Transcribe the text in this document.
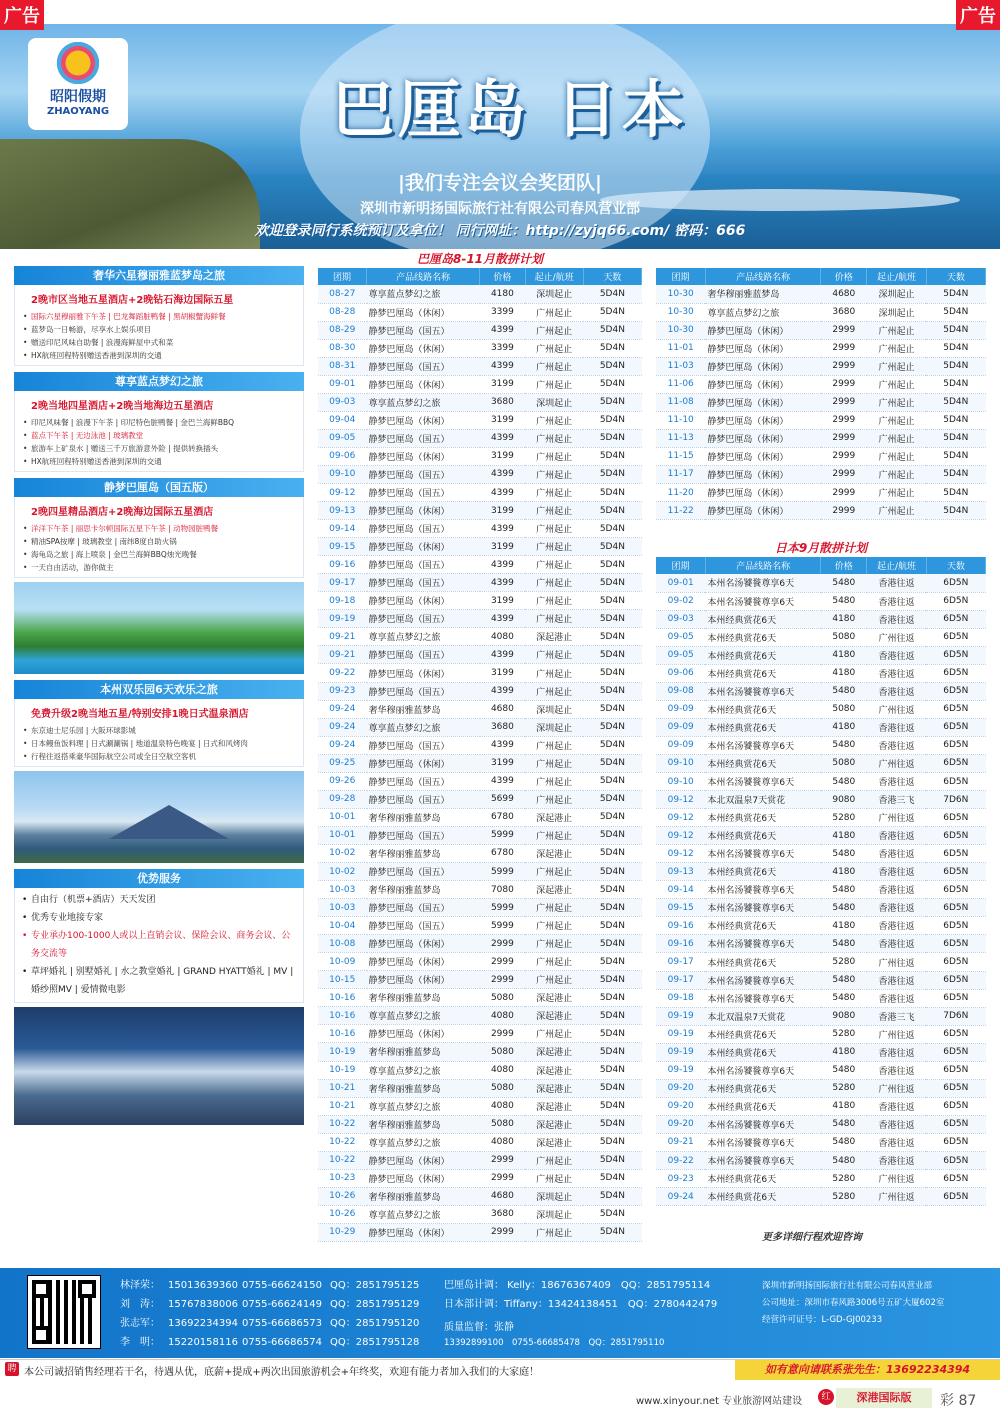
广告	广告
昭阳假期
ZHAOYANG	巴厘岛 日本
|我们专注会议会奖团队|
深圳市新明扬国际旅行社有限公司春风营业部
欢迎登录同行系统预订及拿位！ 同行网址：http://zyjq66.com/ 密码：666
奢华六星穆丽雅蓝梦岛之旅
2晚市区当地五星酒店+2晚钻石海边国际五星
• 国际六星穆丽雅下午茶 | 巴龙舞蹈脏鸭餐 | 黑胡椒蟹海鲜餐
• 蓝梦岛一日畅游，尽享水上娱乐项目
• 赠送印尼风味自助餐 | 浪漫海鲜屋中式和菜
• HX航班回程特别赠送香港到深圳的交通
尊享蓝点梦幻之旅
2晚当地四星酒店+2晚当地海边五星酒店
• 印尼风味餐 | 浪漫下午茶 | 印尼特色脏鸭餐 | 金巴兰海鲜BBQ
• 蓝点下午茶 | 无边泳池 | 玻璃教堂
• 旅游车上矿泉水 | 赠送三千万旅游意外险 | 提供转换插头
• HX航班回程特别赠送香港到深圳的交通
静梦巴厘岛（国五版）
2晚四星精品酒店+2晚海边国际五星酒店
• 洋洋下午茶 | 丽思卡尔顿国际五星下午茶 | 动物园脏鸭餐
• 精油SPA按摩 | 玻璃教堂 | 南纬8度自助火锅
• 海龟岛之旅 | 海上喷泉 | 金巴兰海鲜BBQ烛光晚餐
• 一天自由活动，游你做主
本州双乐园6天欢乐之旅
免费升级2晚当地五星/特别安排1晚日式温泉酒店
• 东京迪士尼乐园 | 大阪环球影城
• 日本鳗鱼饭料理 | 日式涮涮锅 | 地道温泉特色晚宴 | 日式和风烤肉
• 行程往返搭乘豪华国际航空公司或全日空航空客机
优势服务
• 自由行（机票+酒店）天天发团
• 优秀专业地接专家
• 专业承办100-1000人或以上直销会议、保险会议、商务会议、公务交流等
• 草坪婚礼 | 别墅婚礼 | 水之教堂婚礼 | GRAND HYATT婚礼 | MV | 婚纱照MV | 爱情微电影
巴厘岛8-11月散拼计划
日本9月散拼计划
团期	产品线路名称	价格	起止/航班	天数
08-27	尊享蓝点梦幻之旅	4180	深圳起止	5D4N
08-28	静梦巴厘岛（休闲）	3399	广州起止	5D4N
08-29	静梦巴厘岛（国五）	4399	广州起止	5D4N
08-30	静梦巴厘岛（休闲）	3399	广州起止	5D4N
08-31	静梦巴厘岛（国五）	4399	广州起止	5D4N
09-01	静梦巴厘岛（休闲）	3199	广州起止	5D4N
09-03	尊享蓝点梦幻之旅	3680	深圳起止	5D4N
09-04	静梦巴厘岛（休闲）	3199	广州起止	5D4N
09-05	静梦巴厘岛（国五）	4399	广州起止	5D4N
09-06	静梦巴厘岛（休闲）	3199	广州起止	5D4N
09-10	静梦巴厘岛（国五）	4399	广州起止	5D4N
09-12	静梦巴厘岛（国五）	4399	广州起止	5D4N
09-13	静梦巴厘岛（休闲）	3199	广州起止	5D4N
09-14	静梦巴厘岛（国五）	4399	广州起止	5D4N
09-15	静梦巴厘岛（休闲）	3199	广州起止	5D4N
09-16	静梦巴厘岛（国五）	4399	广州起止	5D4N
09-17	静梦巴厘岛（国五）	4399	广州起止	5D4N
09-18	静梦巴厘岛（休闲）	3199	广州起止	5D4N
09-19	静梦巴厘岛（国五）	4399	广州起止	5D4N
09-21	尊享蓝点梦幻之旅	4080	深起港止	5D4N
09-21	静梦巴厘岛（国五）	4399	广州起止	5D4N
09-22	静梦巴厘岛（休闲）	3199	广州起止	5D4N
09-23	静梦巴厘岛（国五）	4399	广州起止	5D4N
09-24	奢华穆丽雅蓝梦岛	4680	深圳起止	5D4N
09-24	尊享蓝点梦幻之旅	3680	深圳起止	5D4N
09-24	静梦巴厘岛（国五）	4399	广州起止	5D4N
09-25	静梦巴厘岛（休闲）	3199	广州起止	5D4N
09-26	静梦巴厘岛（国五）	4399	广州起止	5D4N
09-28	静梦巴厘岛（国五）	5699	广州起止	5D4N
10-01	奢华穆丽雅蓝梦岛	6780	深起港止	5D4N
10-01	静梦巴厘岛（国五）	5999	广州起止	5D4N
10-02	奢华穆丽雅蓝梦岛	6780	深起港止	5D4N
10-02	静梦巴厘岛（国五）	5999	广州起止	5D4N
10-03	奢华穆丽雅蓝梦岛	7080	深起港止	5D4N
10-03	静梦巴厘岛（国五）	5999	广州起止	5D4N
10-04	静梦巴厘岛（国五）	5999	广州起止	5D4N
10-08	静梦巴厘岛（休闲）	2999	广州起止	5D4N
10-09	静梦巴厘岛（休闲）	2999	广州起止	5D4N
10-15	静梦巴厘岛（休闲）	2999	广州起止	5D4N
10-16	奢华穆丽雅蓝梦岛	5080	深起港止	5D4N
10-16	尊享蓝点梦幻之旅	4080	深起港止	5D4N
10-16	静梦巴厘岛（休闲）	2999	广州起止	5D4N
10-19	奢华穆丽雅蓝梦岛	5080	深起港止	5D4N
10-19	尊享蓝点梦幻之旅	4080	深起港止	5D4N
10-21	奢华穆丽雅蓝梦岛	5080	深起港止	5D4N
10-21	尊享蓝点梦幻之旅	4080	深起港止	5D4N
10-22	奢华穆丽雅蓝梦岛	5080	深起港止	5D4N
10-22	尊享蓝点梦幻之旅	4080	深起港止	5D4N
10-22	静梦巴厘岛（休闲）	2999	广州起止	5D4N
10-23	静梦巴厘岛（休闲）	2999	广州起止	5D4N
10-26	奢华穆丽雅蓝梦岛	4680	深圳起止	5D4N
10-26	尊享蓝点梦幻之旅	3680	深圳起止	5D4N
10-29	静梦巴厘岛（休闲）	2999	广州起止	5D4N
团期	产品线路名称	价格	起止/航班	天数
10-30	奢华穆丽雅蓝梦岛	4680	深圳起止	5D4N
10-30	尊享蓝点梦幻之旅	3680	深圳起止	5D4N
10-30	静梦巴厘岛（休闲）	2999	广州起止	5D4N
11-01	静梦巴厘岛（休闲）	2999	广州起止	5D4N
11-03	静梦巴厘岛（休闲）	2999	广州起止	5D4N
11-06	静梦巴厘岛（休闲）	2999	广州起止	5D4N
11-08	静梦巴厘岛（休闲）	2999	广州起止	5D4N
11-10	静梦巴厘岛（休闲）	2999	广州起止	5D4N
11-13	静梦巴厘岛（休闲）	2999	广州起止	5D4N
11-15	静梦巴厘岛（休闲）	2999	广州起止	5D4N
11-17	静梦巴厘岛（休闲）	2999	广州起止	5D4N
11-20	静梦巴厘岛（休闲）	2999	广州起止	5D4N
11-22	静梦巴厘岛（休闲）	2999	广州起止	5D4N
团期	产品线路名称	价格	起止/航班	天数
09-01	本州名汤饕餮尊享6天	5480	香港往返	6D5N
09-02	本州名汤饕餮尊享6天	5480	香港往返	6D5N
09-03	本州经典赏花6天	4180	香港往返	6D5N
09-05	本州经典赏花6天	5080	广州往返	6D5N
09-05	本州经典赏花6天	4180	香港往返	6D5N
09-06	本州经典赏花6天	4180	香港往返	6D5N
09-08	本州名汤饕餮尊享6天	5480	香港往返	6D5N
09-09	本州经典赏花6天	5080	广州往返	6D5N
09-09	本州经典赏花6天	4180	香港往返	6D5N
09-09	本州名汤饕餮尊享6天	5480	香港往返	6D5N
09-10	本州经典赏花6天	5080	广州往返	6D5N
09-10	本州名汤饕餮尊享6天	5480	香港往返	6D5N
09-12	本北双温泉7天赏花	9080	香港三飞	7D6N
09-12	本州经典赏花6天	5280	广州往返	6D5N
09-12	本州经典赏花6天	4180	香港往返	6D5N
09-12	本州名汤饕餮尊享6天	5480	香港往返	6D5N
09-13	本州经典赏花6天	4180	香港往返	6D5N
09-14	本州名汤饕餮尊享6天	5480	香港往返	6D5N
09-15	本州名汤饕餮尊享6天	5480	香港往返	6D5N
09-16	本州经典赏花6天	4180	香港往返	6D5N
09-16	本州名汤饕餮尊享6天	5480	香港往返	6D5N
09-17	本州经典赏花6天	5280	广州往返	6D5N
09-17	本州名汤饕餮尊享6天	5480	香港往返	6D5N
09-18	本州名汤饕餮尊享6天	5480	香港往返	6D5N
09-19	本北双温泉7天赏花	9080	香港三飞	7D6N
09-19	本州经典赏花6天	5280	广州往返	6D5N
09-19	本州经典赏花6天	4180	香港往返	6D5N
09-19	本州名汤饕餮尊享6天	5480	香港往返	6D5N
09-20	本州经典赏花6天	5280	广州往返	6D5N
09-20	本州经典赏花6天	4180	香港往返	6D5N
09-20	本州名汤饕餮尊享6天	5480	香港往返	6D5N
09-21	本州名汤饕餮尊享6天	5480	香港往返	6D5N
09-22	本州名汤饕餮尊享6天	5480	香港往返	6D5N
09-23	本州经典赏花6天	5280	广州往返	6D5N
09-24	本州经典赏花6天	5280	广州往返	6D5N
更多详细行程欢迎咨询
林泽荣： 15013639360 0755-66624150 QQ：2851795125
刘　涛： 15767838006 0755-66624149 QQ：2851795129
张志军： 13692234394 0755-66686573 QQ：2851795120
李　明： 15220158116 0755-66686574 QQ：2851795128
巴厘岛计调： Kelly：18676367409　QQ：2851795114
日本部计调：Tiffany：13424138451　QQ：2780442479
质量监督：张静
13392899100　0755-66685478　QQ：2851795110
深圳市新明扬国际旅行社有限公司春风营业部
公司地址：深圳市春风路3006号五矿大厦602室
经营许可证号：L-GD-GJ00233
聘 本公司诚招销售经理若干名，待遇从优，底薪+提成+两次出国旅游机会+年终奖，欢迎有能力者加入我们的大家庭！	如有意向请联系张先生：13692234394
www.xinyour.net 专业旅游网站建设	红	深港国际版	彩 87
